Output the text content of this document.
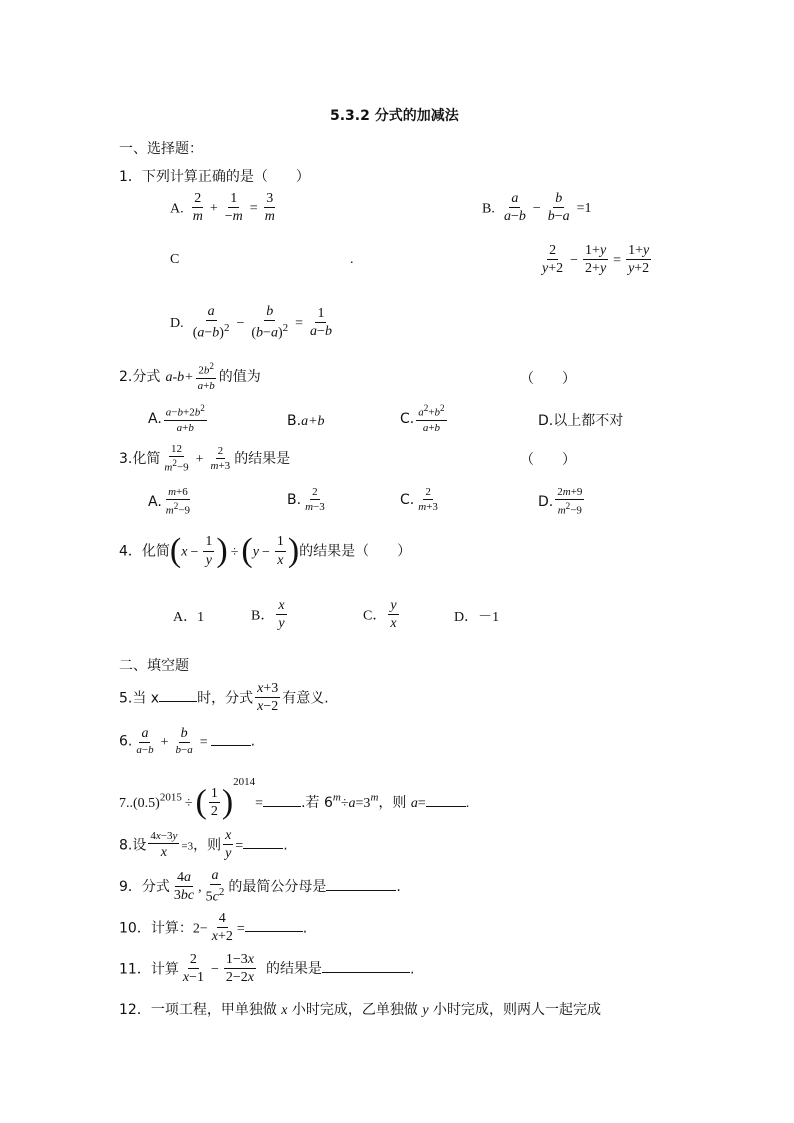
5.3.2 分式的加减法
一、选择题：
1．下列计算正确的是（　　）
A. $\frac{2}{m} + \frac{1}{-m} = \frac{3}{m}$	B. $\frac{a}{a-b} - \frac{b}{b-a} =1$
C	.	$\frac{2}{y+2} - \frac{1+y}{2+y} = \frac{1+y}{y+2}$
D. $\frac{a}{(a-b)^2} - \frac{b}{(b-a)^2} = \frac{1}{a-b}$
2.分式 $a-b+ \frac{2b^2}{a+b}$ 的值为	（　　）
A. $\frac{a-b+2b^2}{a+b}$	B.a+b	C. $\frac{a^2+b^2}{a+b}$	D.以上都不对
3.化简 $\frac{12}{m^2-9} + \frac{2}{m+3}$ 的结果是	（　　）
A. $\frac{m+6}{m^2-9}$	B. $\frac{2}{m-3}$	C. $\frac{2}{m+3}$	D. $\frac{2m+9}{m^2-9}$
4．化简($x - \frac{1}{y}$ ) $\div(y - \frac{1}{x}$ )的结果是（　　）
A．1	B． $\frac{x}{y}$	C． $\frac{y}{x}$	D．－1
二、填空题
5.当 x	时，分式 $\frac{x+3}{x-2}$ 有意义.
6. $\frac{a}{a-b} + \frac{b}{b-a}$ =	.
$7..(0.5)^{2015}$ ÷( $\frac{1}{2} )^{2014}=$	.若 $6^m\div a=3^m$，则 a=	.
8.设 $\frac{4x-3y}{x} =3$，则 $\frac{x}{y}$ =	.
9．分式 $\frac{4a}{3bc}$ , $\frac{a}{5c^2}$ 的最简公分母是	.
10．计算：$2- \frac{4}{x+2}$ =	.
11．计算 $\frac{2}{x-1} - \frac{1-3x}{2-2x}$ 的结果是	.
12．一项工程，甲单独做 x 小时完成，乙单独做 y 小时完成，则两人一起完成
